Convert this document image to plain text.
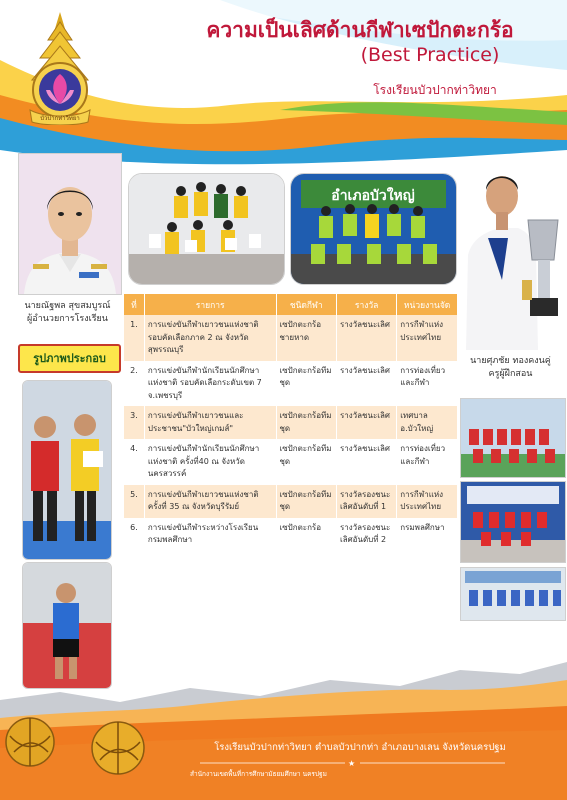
บัวปากท่าวิทยา
ความเป็นเลิศด้านกีฬาเซปักตะกร้อ
(Best Practice)
โรงเรียนบัวปากท่าวิทยา
นายณัฐพล สุขสมบูรณ์
ผู้อำนวยการโรงเรียน
รูปภาพประกอบ
อำเภอบัวใหญ่
นายศุภชัย ทองคงนคู่
ครูผู้ฝึกสอน
ที่	รายการ	ชนิดกีฬา	รางวัล	หน่วยงานจัด
1.	การแข่งขันกีฬาเยาวชนแห่งชาติ รอบคัดเลือกภาค 2 ณ จังหวัดสุพรรณบุรี	เซปักตะกร้อชายหาด	รางวัลชนะเลิศ	การกีฬาแห่งประเทศไทย
2.	การแข่งขันกีฬานักเรียนนักศึกษาแห่งชาติ รอบคัดเลือกระดับเขต 7 จ.เพชรบุรี	เซปักตะกร้อทีมชุด	รางวัลชนะเลิศ	การท่องเที่ยวและกีฬา
3.	การแข่งขันกีฬาเยาวชนและประชาชน"บัวใหญ่เกมส์"	เซปักตะกร้อทีมชุด	รางวัลชนะเลิศ	เทศบาล อ.บัวใหญ่
4.	การแข่งขันกีฬานักเรียนนักศึกษาแห่งชาติ ครั้งที่40 ณ จังหวัดนครสวรรค์	เซปักตะกร้อทีมชุด	รางวัลชนะเลิศ	การท่องเที่ยวและกีฬา
5.	การแข่งขันกีฬาเยาวชนแห่งชาติ ครั้งที่ 35 ณ จังหวัดบุรีรัมย์	เซปักตะกร้อทีมชุด	รางวัลรองชนะเลิศอันดับที่ 1	การกีฬาแห่งประเทศไทย
6.	การแข่งขันกีฬาระหว่างโรงเรียน กรมพลศึกษา	เซปักตะกร้อ	รางวัลรองชนะเลิศอันดับที่ 2	กรมพลศึกษา
★
โรงเรียนบัวปากท่าวิทยา ตำบลบัวปากท่า อำเภอบางเลน จังหวัดนครปฐม
สำนักงานเขตพื้นที่การศึกษามัธยมศึกษา นครปฐม
